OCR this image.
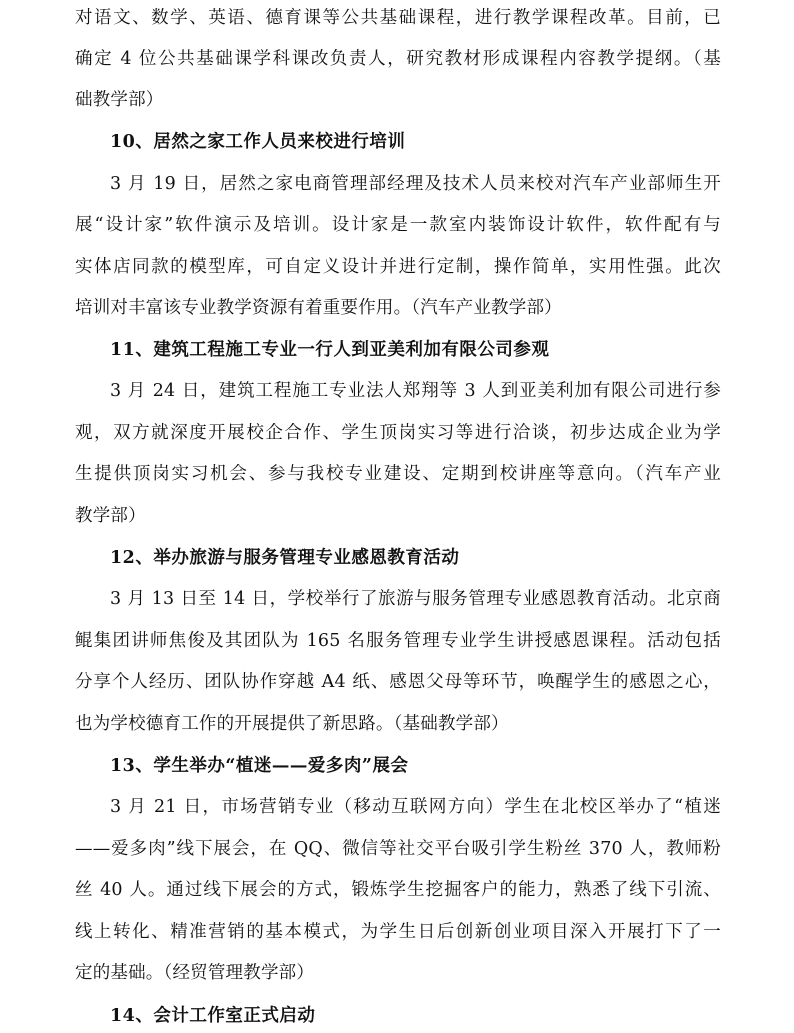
对语文、数学、英语、德育课等公共基础课程，进行教学课程改革。目前，已
确定 4 位公共基础课学科课改负责人，研究教材形成课程内容教学提纲。（基
础教学部）
10、居然之家工作人员来校进行培训
3 月 19 日，居然之家电商管理部经理及技术人员来校对汽车产业部师生开
展“设计家”软件演示及培训。设计家是一款室内装饰设计软件，软件配有与
实体店同款的模型库，可自定义设计并进行定制，操作简单，实用性强。此次
培训对丰富该专业教学资源有着重要作用。（汽车产业教学部）
11、建筑工程施工专业一行人到亚美利加有限公司参观
3 月 24 日，建筑工程施工专业法人郑翔等 3 人到亚美利加有限公司进行参
观，双方就深度开展校企合作、学生顶岗实习等进行洽谈，初步达成企业为学
生提供顶岗实习机会、参与我校专业建设、定期到校讲座等意向。（汽车产业
教学部）
12、举办旅游与服务管理专业感恩教育活动
3 月 13 日至 14 日，学校举行了旅游与服务管理专业感恩教育活动。北京商
鲲集团讲师焦俊及其团队为 165 名服务管理专业学生讲授感恩课程。活动包括
分享个人经历、团队协作穿越 A4 纸、感恩父母等环节，唤醒学生的感恩之心，
也为学校德育工作的开展提供了新思路。（基础教学部）
13、学生举办“植迷——爱多肉”展会
3 月 21 日，市场营销专业（移动互联网方向）学生在北校区举办了“植迷
——爱多肉”线下展会，在 QQ、微信等社交平台吸引学生粉丝 370 人，教师粉
丝 40 人。通过线下展会的方式，锻炼学生挖掘客户的能力，熟悉了线下引流、
线上转化、精准营销的基本模式，为学生日后创新创业项目深入开展打下了一
定的基础。（经贸管理教学部）
14、会计工作室正式启动
